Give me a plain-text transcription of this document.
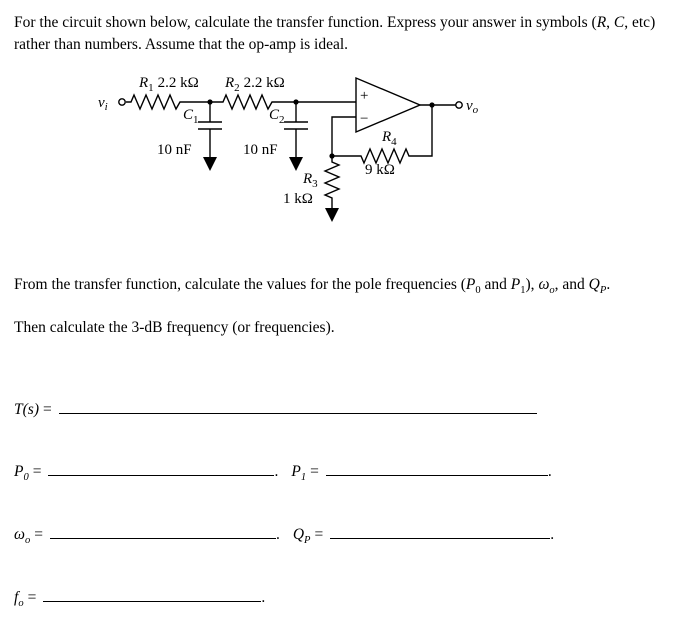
For the circuit shown below, calculate the transfer function. Express your answer in symbols (R, C, etc)
rather than numbers. Assume that the op-amp is ideal.

$v_i$	$v_o$
$R_1$ 2.2 kΩ $R_2$ 2.2 kΩ
$C_1$	$C_2$
10 nF	10 nF
+
−
$R_4$
9 kΩ
$R_3$
1 kΩ

From the transfer function, calculate the values for the pole frequencies ($P_0$ and $P_1$), $\omega_o$, and $Q_P$.

Then calculate the 3-dB frequency (or frequencies).

T(s) =
$P_0$ =	. $P_1$ =	.
$\omega_o$ =	. $Q_P$ =	.
$f_o$ =	.
